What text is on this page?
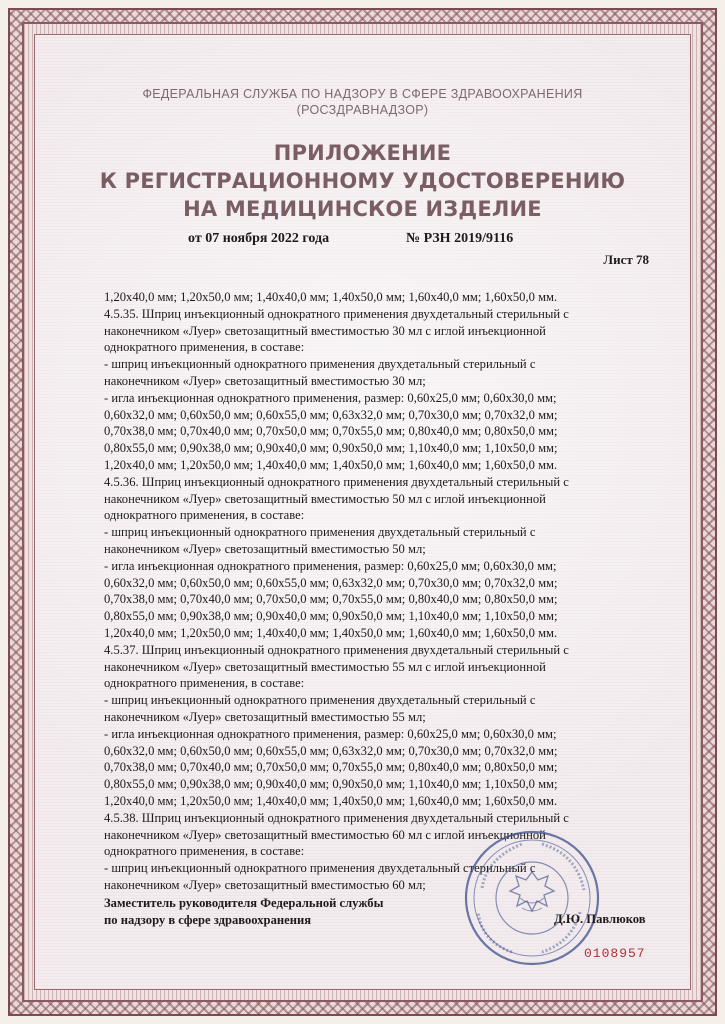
ФЕДЕРАЛЬНАЯ СЛУЖБА ПО НАДЗОРУ В СФЕРЕ ЗДРАВООХРАНЕНИЯ
(РОСЗДРАВНАДЗОР)
ПРИЛОЖЕНИЕ
К РЕГИСТРАЦИОННОМУ УДОСТОВЕРЕНИЮ
НА МЕДИЦИНСКОЕ ИЗДЕЛИЕ
от 07 ноября 2022 года	№ РЗН 2019/9116
Лист 78
1,20x40,0 мм; 1,20x50,0 мм; 1,40x40,0 мм; 1,40x50,0 мм; 1,60x40,0 мм; 1,60x50,0 мм.
4.5.35. Шприц инъекционный однократного применения двухдетальный стерильный с
наконечником «Луер» светозащитный вместимостью 30 мл с иглой инъекционной
однократного применения, в составе:
- шприц инъекционный однократного применения двухдетальный стерильный с
наконечником «Луер» светозащитный вместимостью 30 мл;
- игла инъекционная однократного применения, размер: 0,60x25,0 мм; 0,60x30,0 мм;
0,60x32,0 мм; 0,60x50,0 мм; 0,60x55,0 мм; 0,63x32,0 мм; 0,70x30,0 мм; 0,70x32,0 мм;
0,70x38,0 мм; 0,70x40,0 мм; 0,70x50,0 мм; 0,70x55,0 мм; 0,80x40,0 мм; 0,80x50,0 мм;
0,80x55,0 мм; 0,90x38,0 мм; 0,90x40,0 мм; 0,90x50,0 мм; 1,10x40,0 мм; 1,10x50,0 мм;
1,20x40,0 мм; 1,20x50,0 мм; 1,40x40,0 мм; 1,40x50,0 мм; 1,60x40,0 мм; 1,60x50,0 мм.
4.5.36. Шприц инъекционный однократного применения двухдетальный стерильный с
наконечником «Луер» светозащитный вместимостью 50 мл с иглой инъекционной
однократного применения, в составе:
- шприц инъекционный однократного применения двухдетальный стерильный с
наконечником «Луер» светозащитный вместимостью 50 мл;
- игла инъекционная однократного применения, размер: 0,60x25,0 мм; 0,60x30,0 мм;
0,60x32,0 мм; 0,60x50,0 мм; 0,60x55,0 мм; 0,63x32,0 мм; 0,70x30,0 мм; 0,70x32,0 мм;
0,70x38,0 мм; 0,70x40,0 мм; 0,70x50,0 мм; 0,70x55,0 мм; 0,80x40,0 мм; 0,80x50,0 мм;
0,80x55,0 мм; 0,90x38,0 мм; 0,90x40,0 мм; 0,90x50,0 мм; 1,10x40,0 мм; 1,10x50,0 мм;
1,20x40,0 мм; 1,20x50,0 мм; 1,40x40,0 мм; 1,40x50,0 мм; 1,60x40,0 мм; 1,60x50,0 мм.
4.5.37. Шприц инъекционный однократного применения двухдетальный стерильный с
наконечником «Луер» светозащитный вместимостью 55 мл с иглой инъекционной
однократного применения, в составе:
- шприц инъекционный однократного применения двухдетальный стерильный с
наконечником «Луер» светозащитный вместимостью 55 мл;
- игла инъекционная однократного применения, размер: 0,60x25,0 мм; 0,60x30,0 мм;
0,60x32,0 мм; 0,60x50,0 мм; 0,60x55,0 мм; 0,63x32,0 мм; 0,70x30,0 мм; 0,70x32,0 мм;
0,70x38,0 мм; 0,70x40,0 мм; 0,70x50,0 мм; 0,70x55,0 мм; 0,80x40,0 мм; 0,80x50,0 мм;
0,80x55,0 мм; 0,90x38,0 мм; 0,90x40,0 мм; 0,90x50,0 мм; 1,10x40,0 мм; 1,10x50,0 мм;
1,20x40,0 мм; 1,20x50,0 мм; 1,40x40,0 мм; 1,40x50,0 мм; 1,60x40,0 мм; 1,60x50,0 мм.
4.5.38. Шприц инъекционный однократного применения двухдетальный стерильный с
наконечником «Луер» светозащитный вместимостью 60 мл с иглой инъекционной
однократного применения, в составе:
- шприц инъекционный однократного применения двухдетальный стерильный с
наконечником «Луер» светозащитный вместимостью 60 мл;
Заместитель руководителя Федеральной службы
по надзору в сфере здравоохранения	Д.Ю. Павлюков
0108957
